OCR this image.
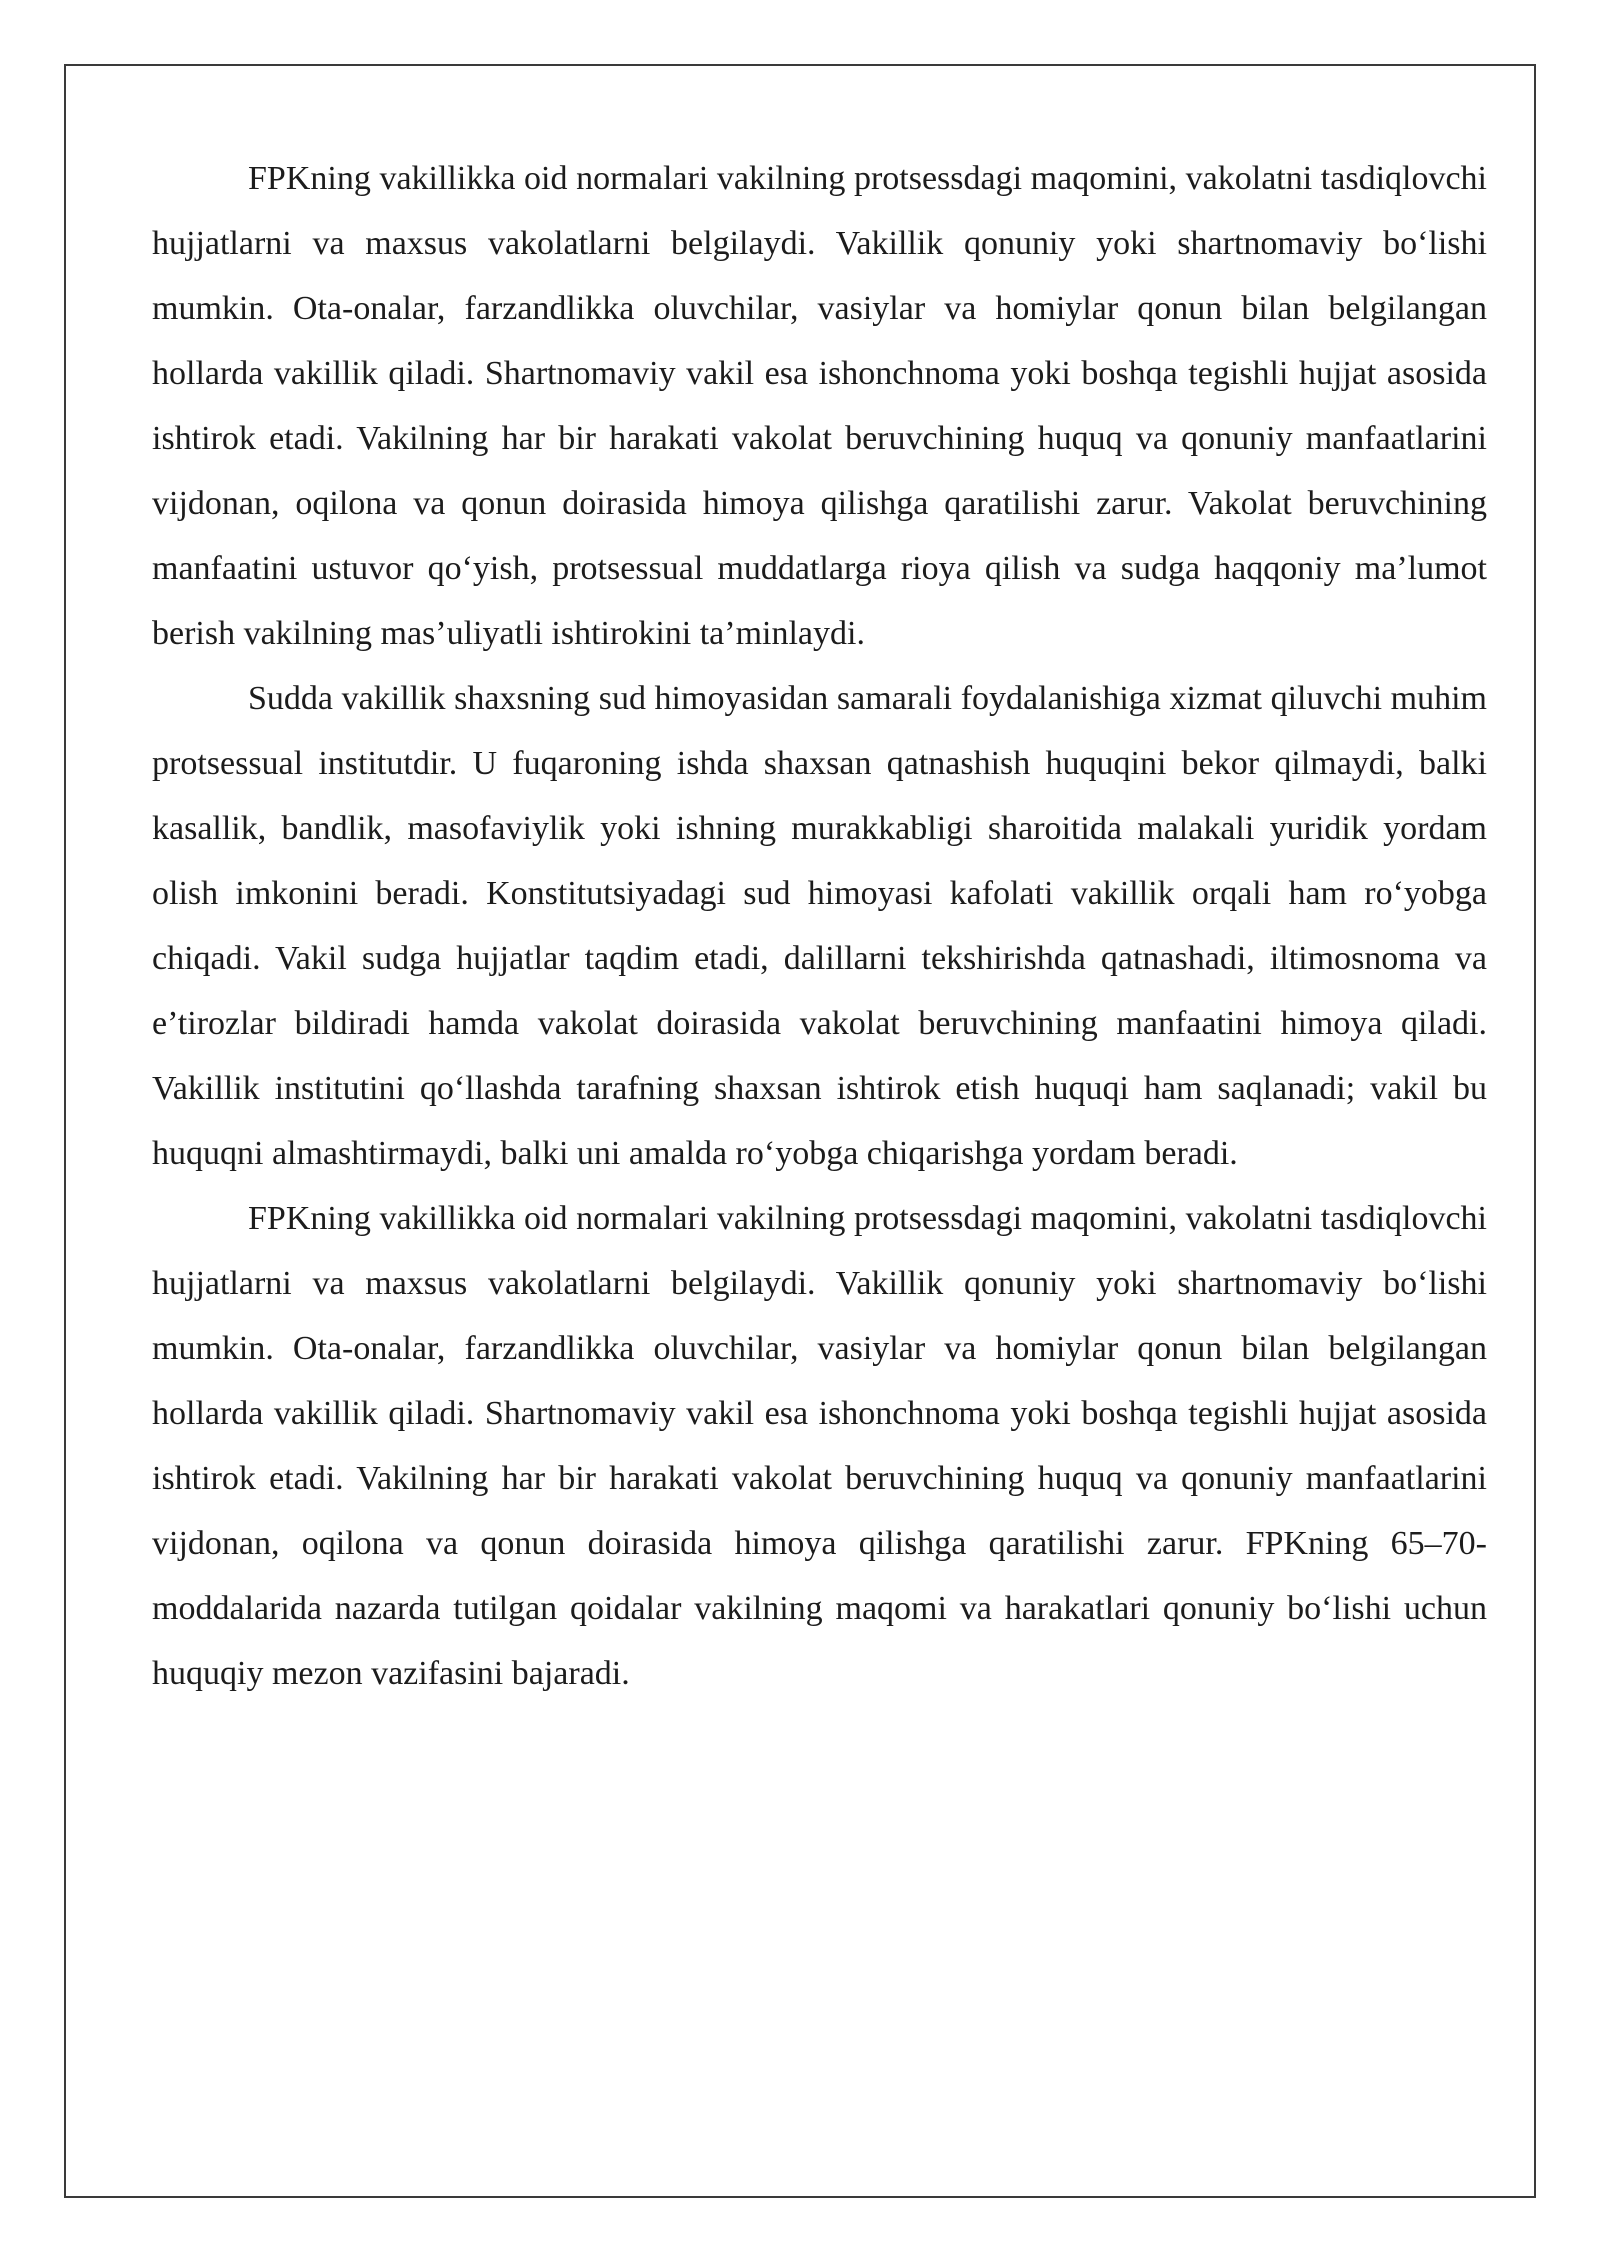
FPKning vakillikka oid normalari vakilning protsessdagi maqomini, vakolatni tasdiqlovchi hujjatlarni va maxsus vakolatlarni belgilaydi. Vakillik qonuniy yoki shartnomaviy bo‘lishi mumkin. Ota-onalar, farzandlikka oluvchilar, vasiylar va homiylar qonun bilan belgilangan hollarda vakillik qiladi. Shartnomaviy vakil esa ishonchnoma yoki boshqa tegishli hujjat asosida ishtirok etadi. Vakilning har bir harakati vakolat beruvchining huquq va qonuniy manfaatlarini vijdonan, oqilona va qonun doirasida himoya qilishga qaratilishi zarur. Vakolat beruvchining manfaatini ustuvor qo‘yish, protsessual muddatlarga rioya qilish va sudga haqqoniy ma’lumot berish vakilning mas’uliyatli ishtirokini ta’minlaydi.

Sudda vakillik shaxsning sud himoyasidan samarali foydalanishiga xizmat qiluvchi muhim protsessual institutdir. U fuqaroning ishda shaxsan qatnashish huquqini bekor qilmaydi, balki kasallik, bandlik, masofaviylik yoki ishning murakkabligi sharoitida malakali yuridik yordam olish imkonini beradi. Konstitutsiyadagi sud himoyasi kafolati vakillik orqali ham ro‘yobga chiqadi. Vakil sudga hujjatlar taqdim etadi, dalillarni tekshirishda qatnashadi, iltimosnoma va e’tirozlar bildiradi hamda vakolat doirasida vakolat beruvchining manfaatini himoya qiladi. Vakillik institutini qo‘llashda tarafning shaxsan ishtirok etish huquqi ham saqlanadi; vakil bu huquqni almashtirmaydi, balki uni amalda ro‘yobga chiqarishga yordam beradi.

FPKning vakillikka oid normalari vakilning protsessdagi maqomini, vakolatni tasdiqlovchi hujjatlarni va maxsus vakolatlarni belgilaydi. Vakillik qonuniy yoki shartnomaviy bo‘lishi mumkin. Ota-onalar, farzandlikka oluvchilar, vasiylar va homiylar qonun bilan belgilangan hollarda vakillik qiladi. Shartnomaviy vakil esa ishonchnoma yoki boshqa tegishli hujjat asosida ishtirok etadi. Vakilning har bir harakati vakolat beruvchining huquq va qonuniy manfaatlarini vijdonan, oqilona va qonun doirasida himoya qilishga qaratilishi zarur. FPKning 65–70-moddalarida nazarda tutilgan qoidalar vakilning maqomi va harakatlari qonuniy bo‘lishi uchun huquqiy mezon vazifasini bajaradi.
